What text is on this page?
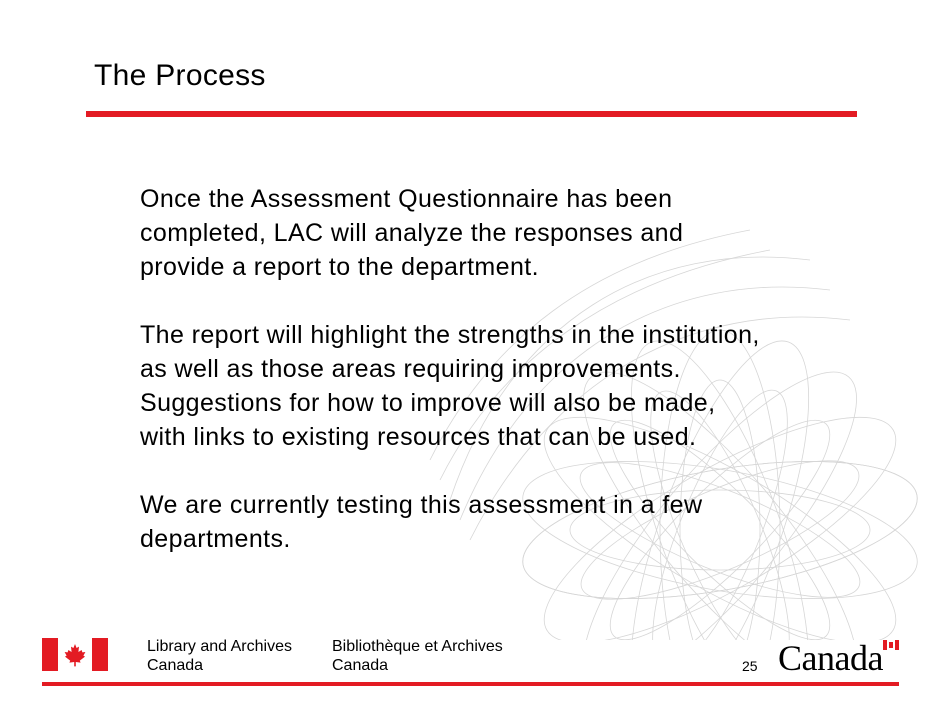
The Process

Once the Assessment Questionnaire has been
completed, LAC will analyze the responses and
provide a report to the department.

The report will highlight the strengths in the institution,
as well as those areas requiring improvements.
Suggestions for how to improve will also be made,
with links to existing resources that can be used.

We are currently testing this assessment in a few
departments.

Library and Archives
Canada
Bibliothèque et Archives
Canada	25 Canada
